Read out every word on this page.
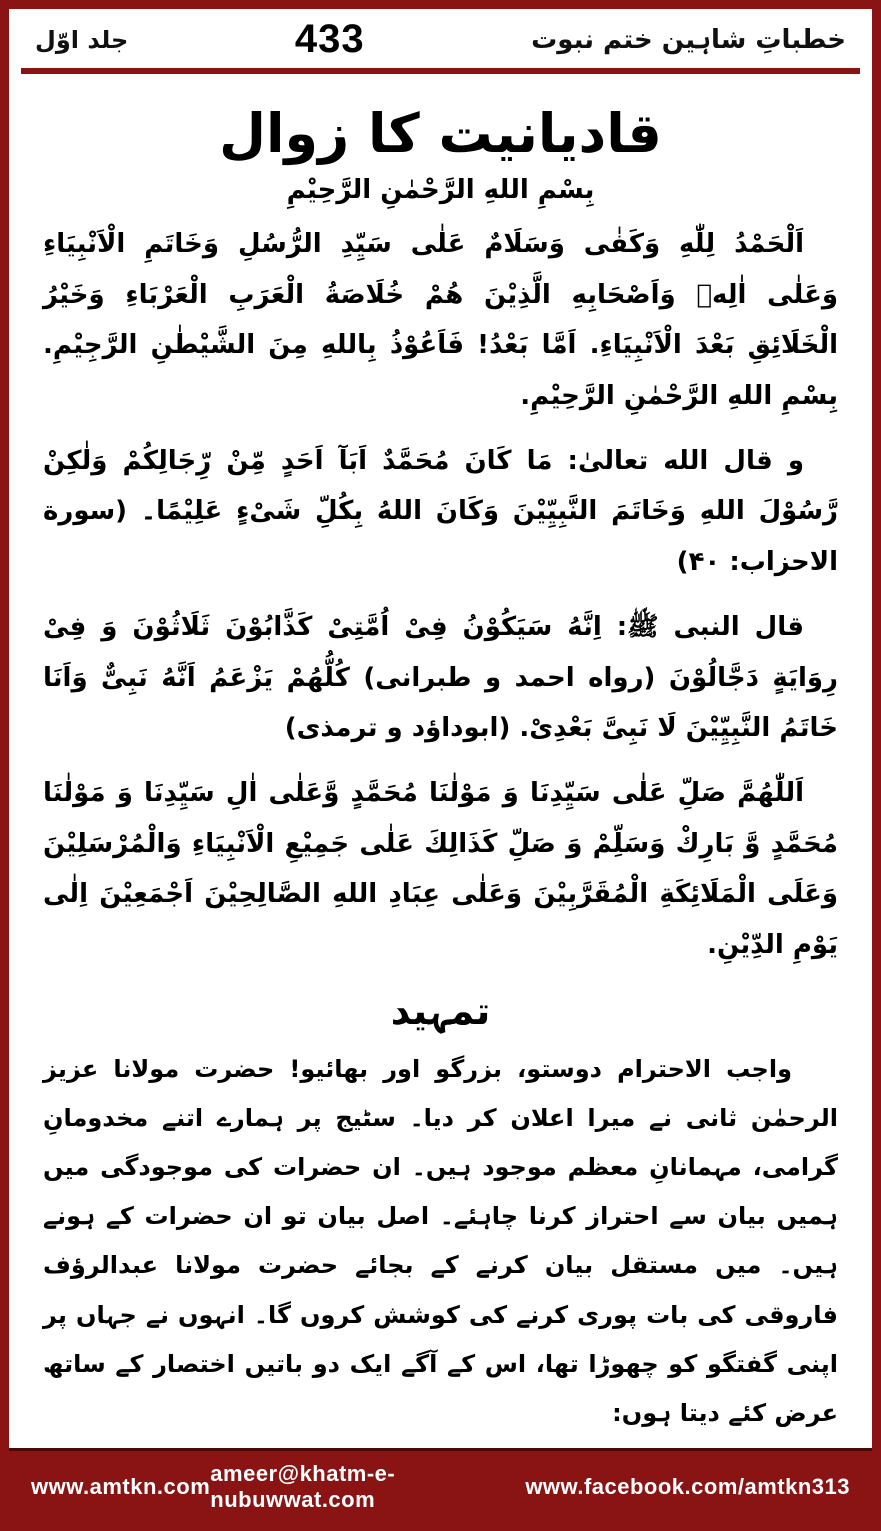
خطباتِ شاہین ختم نبوت
433
جلد اوّل
قادیانیت کا زوال
بِسْمِ اللهِ الرَّحْمٰنِ الرَّحِيْمِ

اَلْحَمْدُ لِلّٰهِ وَكَفٰى وَسَلَامٌ عَلٰى سَيِّدِ الرُّسُلِ وَخَاتَمِ الْاَنْبِيَاءِ وَعَلٰى اٰلِهٖ وَاَصْحَابِهِ الَّذِيْنَ هُمْ خُلَاصَةُ الْعَرَبِ الْعَرْبَاءِ وَخَيْرُ الْخَلَائِقِ بَعْدَ الْاَنْبِيَاءِ. اَمَّا بَعْدُ! فَاَعُوْذُ بِاللهِ مِنَ الشَّيْطٰنِ الرَّجِيْمِ. بِسْمِ اللهِ الرَّحْمٰنِ الرَّحِيْمِ.

و قال الله تعالیٰ: مَا كَانَ مُحَمَّدٌ اَبَآ اَحَدٍ مِّنْ رِّجَالِكُمْ وَلٰكِنْ رَّسُوْلَ اللهِ وَخَاتَمَ النَّبِيِّيْنَ وَكَانَ اللهُ بِكُلِّ شَیْءٍ عَلِيْمًا۔ (سورة الاحزاب: ۴۰)

قال النبی ﷺ: اِنَّهُ سَيَكُوْنُ فِیْ اُمَّتِیْ كَذَّابُوْنَ ثَلَاثُوْنَ وَ فِیْ رِوَايَةٍ دَجَّالُوْنَ (رواه احمد و طبرانی) كُلُّهُمْ يَزْعَمُ اَنَّهُ نَبِیٌّ وَاَنَا خَاتَمُ النَّبِيِّيْنَ لَا نَبِیَّ بَعْدِیْ. (ابوداؤد و ترمذی)

اَللّٰهُمَّ صَلِّ عَلٰى سَيِّدِنَا وَ مَوْلٰنَا مُحَمَّدٍ وَّعَلٰى اٰلِ سَيِّدِنَا وَ مَوْلٰنَا مُحَمَّدٍ وَّ بَارِكْ وَسَلِّمْ وَ صَلِّ كَذَالِكَ عَلٰى جَمِيْعِ الْاَنْبِيَاءِ وَالْمُرْسَلِيْنَ وَعَلَى الْمَلَائِكَةِ الْمُقَرَّبِيْنَ وَعَلٰى عِبَادِ اللهِ الصَّالِحِيْنَ اَجْمَعِيْنَ اِلٰى يَوْمِ الدِّيْنِ.

تمہید

واجب الاحترام دوستو، بزرگو اور بھائیو! حضرت مولانا عزیز الرحمٰن ثانی نے میرا اعلان کر دیا۔ سٹیج پر ہمارے اتنے مخدومانِ گرامی، مہمانانِ معظم موجود ہیں۔ ان حضرات کی موجودگی میں ہمیں بیان سے احتراز کرنا چاہئے۔ اصل بیان تو ان حضرات کے ہونے ہیں۔ میں مستقل بیان کرنے کے بجائے حضرت مولانا عبدالرؤف فاروقی کی بات پوری کرنے کی کوشش کروں گا۔ انہوں نے جہاں پر اپنی گفتگو کو چھوڑا تھا، اس کے آگے ایک دو باتیں اختصار کے ساتھ عرض کئے دیتا ہوں:

www.amtkn.com
ameer@khatm-e-nubuwwat.com
www.facebook.com/amtkn313
